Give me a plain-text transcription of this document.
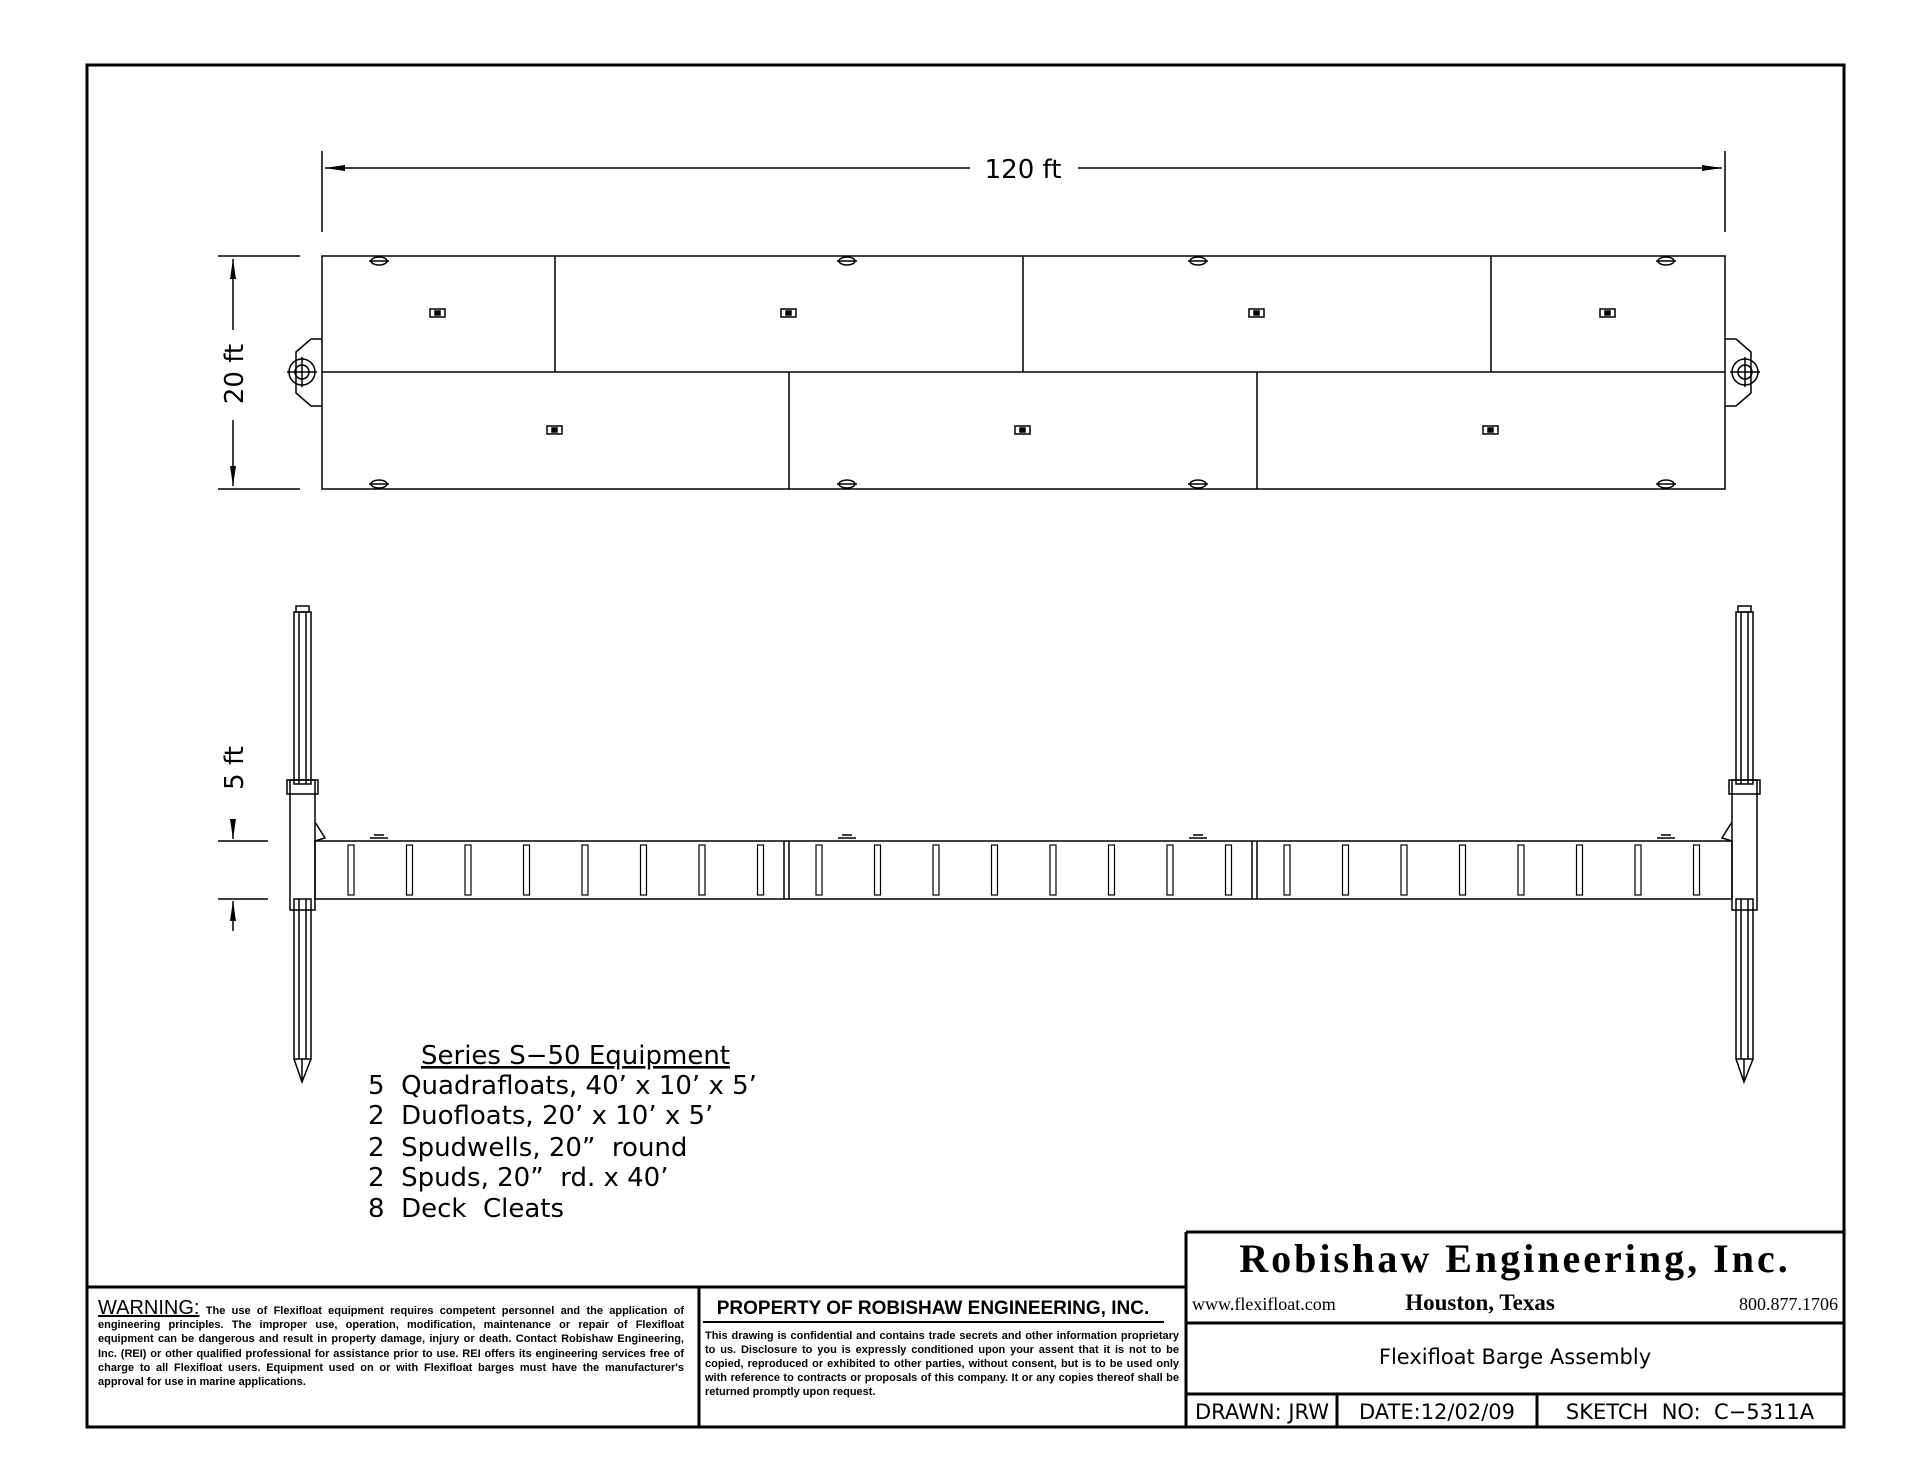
120 ft
20 ft
5 ft
Series S−50 Equipment
5  Quadrafloats, 40’ x 10’ x 5’
2  Duofloats, 20’ x 10’ x 5’
2  Spudwells, 20”  round
2  Spuds, 20”  rd. x 40’
8  Deck  Cleats
Robishaw Engineering, Inc.
www.flexifloat.com	Houston, Texas	800.877.1706
Flexifloat Barge Assembly
DRAWN: JRW DATE:12/02/09 SKETCH  NO:  C−5311A
PROPERTY OF ROBISHAW ENGINEERING, INC.
WARNING: The use of Flexifloat equipment requires competent personnel and the application of engineering principles. The improper use, operation, modification, maintenance or repair of Flexifloat equipment can be dangerous and result in property damage, injury or death. Contact Robishaw Engineering, Inc. (REI) or other qualified professional for assistance prior to use. REI offers its engineering services free of charge to all Flexifloat users. Equipment used on or with Flexifloat barges must have the manufacturer's approval for use in marine applications.
This drawing is confidential and contains trade secrets and other information proprietary to us. Disclosure to you is expressly conditioned upon your assent that it is not to be copied, reproduced or exhibited to other parties, without consent, but is to be used only with reference to contracts or proposals of this company. It or any copies thereof shall be returned promptly upon request.
